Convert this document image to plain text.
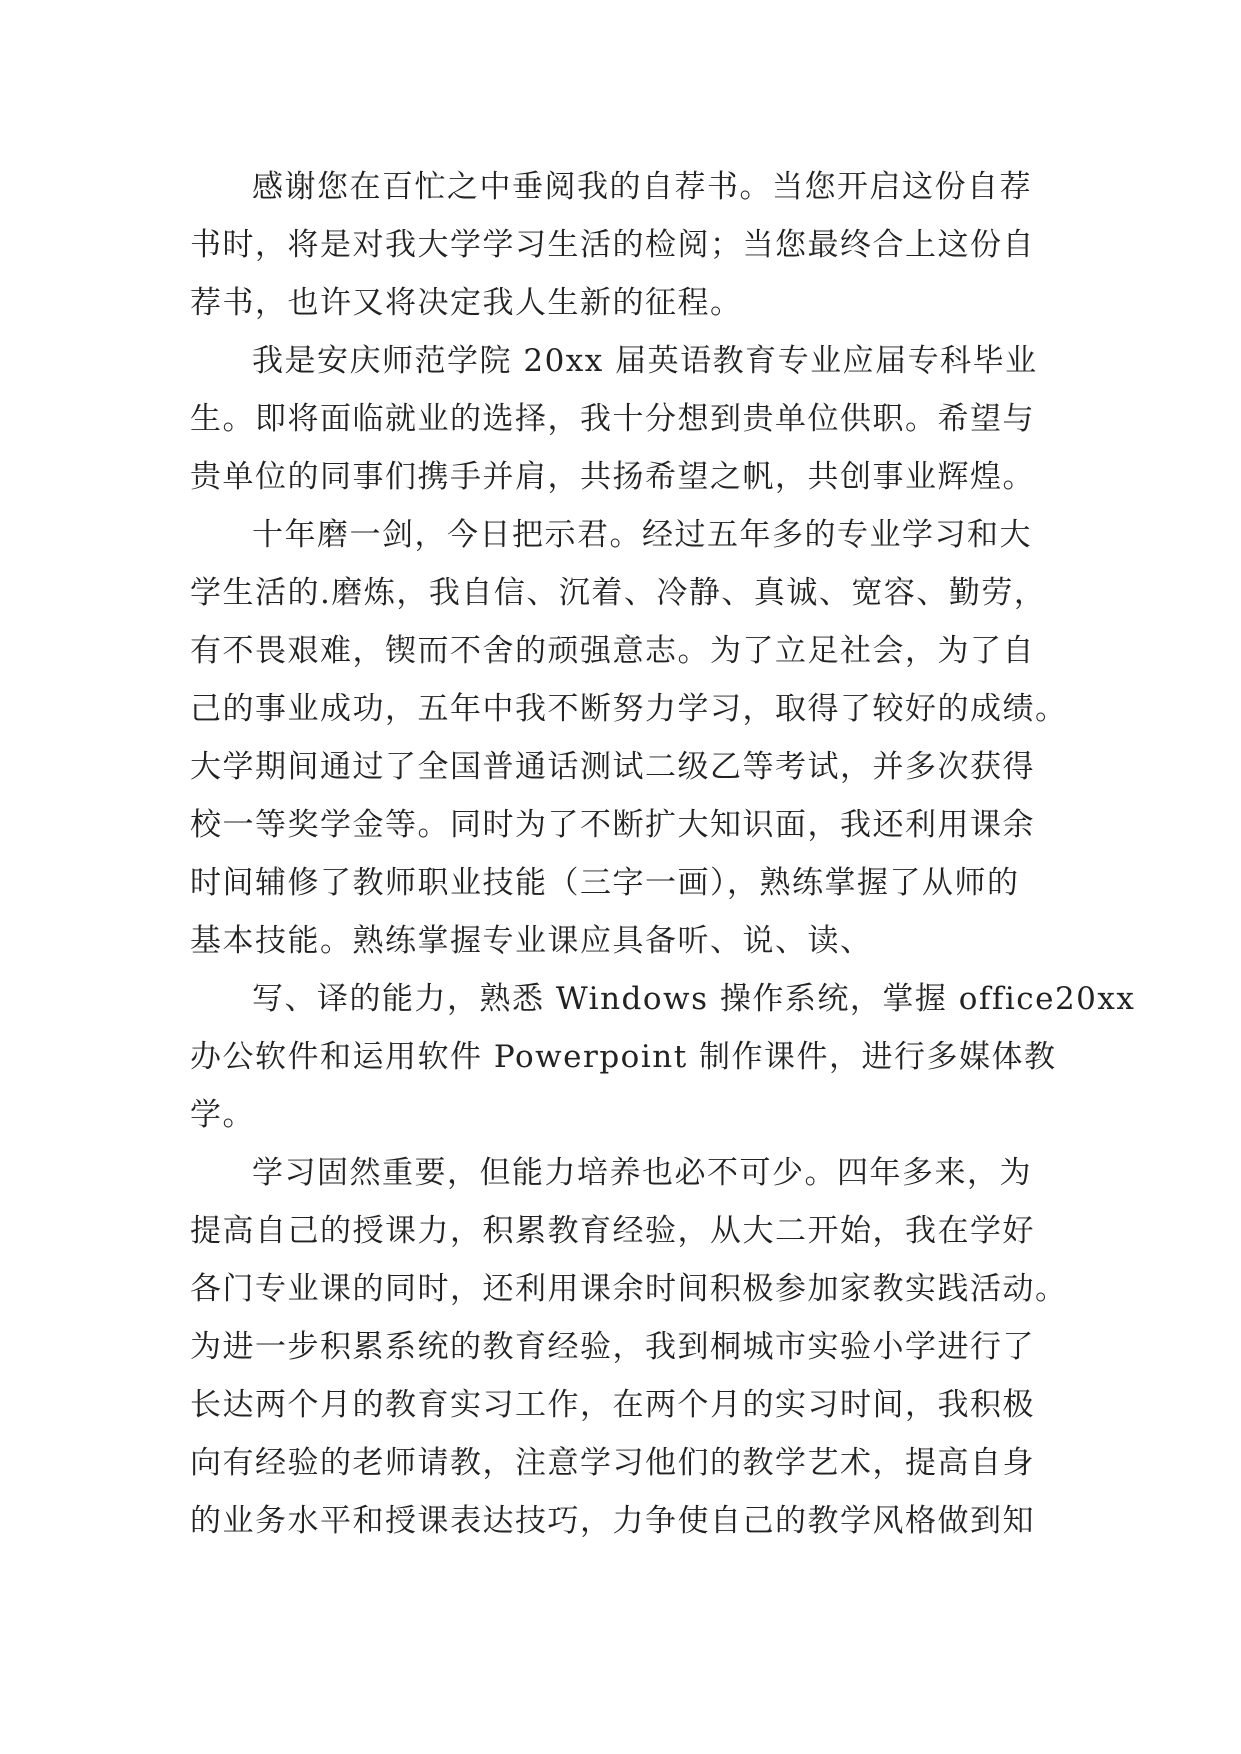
感谢您在百忙之中垂阅我的自荐书。当您开启这份自荐
书时，将是对我大学学习生活的检阅；当您最终合上这份自
荐书，也许又将决定我人生新的征程。
我是安庆师范学院 20xx 届英语教育专业应届专科毕业
生。即将面临就业的选择，我十分想到贵单位供职。希望与
贵单位的同事们携手并肩，共扬希望之帆，共创事业辉煌。
十年磨一剑，今日把示君。经过五年多的专业学习和大
学生活的.磨炼，我自信、沉着、冷静、真诚、宽容、勤劳，
有不畏艰难，锲而不舍的顽强意志。为了立足社会，为了自
己的事业成功，五年中我不断努力学习，取得了较好的成绩。
大学期间通过了全国普通话测试二级乙等考试，并多次获得
校一等奖学金等。同时为了不断扩大知识面，我还利用课余
时间辅修了教师职业技能（三字一画），熟练掌握了从师的
基本技能。熟练掌握专业课应具备听、说、读、
写、译的能力，熟悉 Windows 操作系统，掌握 office20xx
办公软件和运用软件 Powerpoint 制作课件，进行多媒体教
学。
学习固然重要，但能力培养也必不可少。四年多来，为
提高自己的授课力，积累教育经验，从大二开始，我在学好
各门专业课的同时，还利用课余时间积极参加家教实践活动。
为进一步积累系统的教育经验，我到桐城市实验小学进行了
长达两个月的教育实习工作，在两个月的实习时间，我积极
向有经验的老师请教，注意学习他们的教学艺术，提高自身
的业务水平和授课表达技巧，力争使自己的教学风格做到知
